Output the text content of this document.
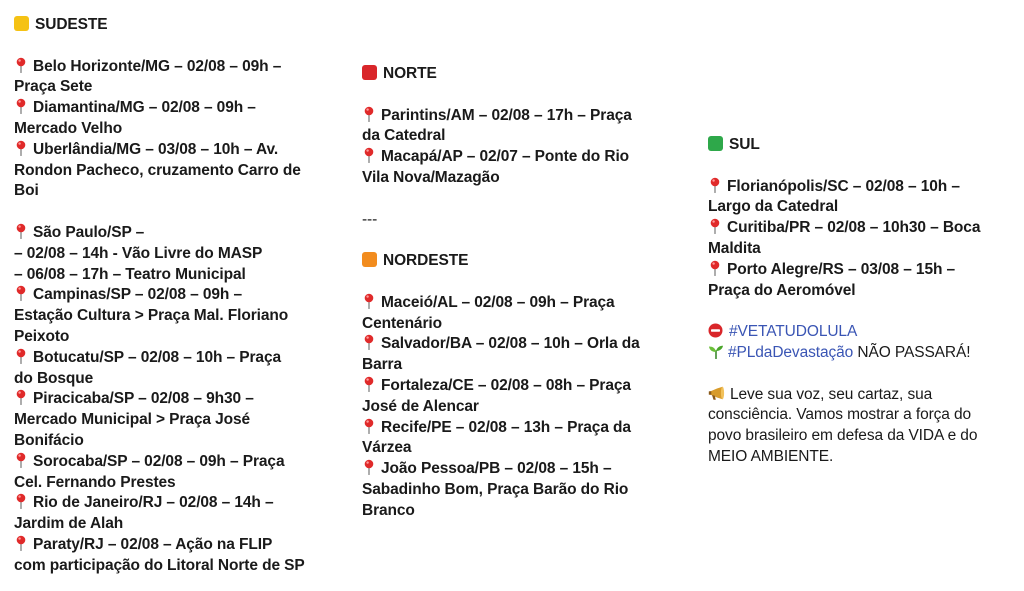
SUDESTE
Belo Horizonte/MG – 02/08 – 09h –
Praça Sete
Diamantina/MG – 02/08 – 09h –
Mercado Velho
Uberlândia/MG – 03/08 – 10h – Av.
Rondon Pacheco, cruzamento Carro de
Boi
São Paulo/SP –
– 02/08 – 14h - Vão Livre do MASP
– 06/08 – 17h – Teatro Municipal
Campinas/SP – 02/08 – 09h –
Estação Cultura > Praça Mal. Floriano
Peixoto
Botucatu/SP – 02/08 – 10h – Praça
do Bosque
Piracicaba/SP – 02/08 – 9h30 –
Mercado Municipal > Praça José
Bonifácio
Sorocaba/SP – 02/08 – 09h – Praça
Cel. Fernando Prestes
Rio de Janeiro/RJ – 02/08 – 14h –
Jardim de Alah
Paraty/RJ – 02/08 – Ação na FLIP
com participação do Litoral Norte de SP
NORTE
Parintins/AM – 02/08 – 17h – Praça
da Catedral
Macapá/AP – 02/07 – Ponte do Rio
Vila Nova/Mazagão
---
NORDESTE
Maceió/AL – 02/08 – 09h – Praça
Centenário
Salvador/BA – 02/08 – 10h – Orla da
Barra
Fortaleza/CE – 02/08 – 08h – Praça
José de Alencar
Recife/PE – 02/08 – 13h – Praça da
Várzea
João Pessoa/PB – 02/08 – 15h –
Sabadinho Bom, Praça Barão do Rio
Branco
SUL
Florianópolis/SC – 02/08 – 10h –
Largo da Catedral
Curitiba/PR – 02/08 – 10h30 – Boca
Maldita
Porto Alegre/RS – 03/08 – 15h –
Praça do Aeromóvel
#VETATUDOLULA
#PLdaDevastação NÃO PASSARÁ!
Leve sua voz, seu cartaz, sua
consciência. Vamos mostrar a força do
povo brasileiro em defesa da VIDA e do
MEIO AMBIENTE.
